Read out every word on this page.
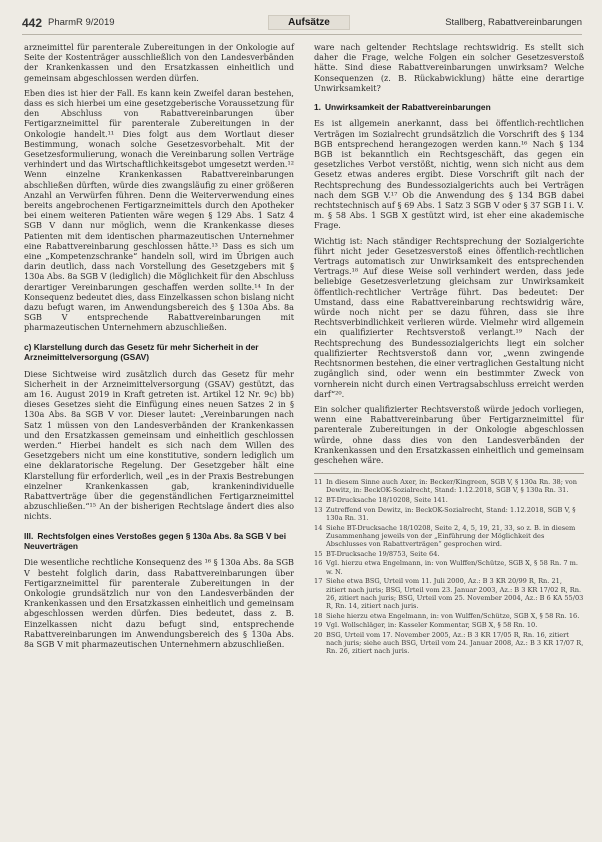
442 PharmR 9/2019	Aufsätze	Stallberg, Rabattvereinbarungen

arzneimittel für parenterale Zubereitungen in der Onkologie auf Seite der Kostenträger ausschließlich von den Landesverbänden der Krankenkassen und den Ersatzkassen einheitlich und gemeinsam abgeschlossen werden dürfen.

Eben dies ist hier der Fall. Es kann kein Zweifel daran bestehen, dass es sich hierbei um eine gesetzgeberische Voraussetzung für den Abschluss von Rabattvereinbarungen über Fertigarzneimittel für parenterale Zubereitungen in der Onkologie handelt.¹¹ Dies folgt aus dem Wortlaut dieser Bestimmung, wonach solche Gesetzesvorbehalt. Mit der Gesetzesformulierung, wonach die Vereinbarung sollen Verträge verhindert und das Wirtschaftlichkeitsgebot umgesetzt werden.¹² Wenn einzelne Krankenkassen Rabattvereinbarungen abschließen dürften, würde dies zwangsläufig zu einer größeren Anzahl an Verwürfen führen. Denn die Weiterverwendung eines bereits angebrochenen Fertigarzneimittels durch den Apotheker bei einem weiteren Patienten wäre wegen § 129 Abs. 1 Satz 4 SGB V dann nur möglich, wenn die Krankenkasse dieses Patienten mit dem identischen pharmazeutischen Unternehmer eine Rabattvereinbarung geschlossen hätte.¹³ Dass es sich um eine „Kompetenzschranke“ handeln soll, wird im Übrigen auch darin deutlich, dass nach Vorstellung des Gesetzgebers mit § 130a Abs. 8a SGB V (lediglich) die Möglichkeit für den Abschluss derartiger Vereinbarungen geschaffen werden sollte.¹⁴ In der Konsequenz bedeutet dies, dass Einzelkassen schon bislang nicht dazu befugt waren, im Anwendungsbereich des § 130a Abs. 8a SGB V entsprechende Rabattvereinbarungen mit pharmazeutischen Unternehmern abzuschließen.

c) Klarstellung durch das Gesetz für mehr Sicherheit in der Arzneimittelversorgung (GSAV)

Diese Sichtweise wird zusätzlich durch das Gesetz für mehr Sicherheit in der Arzneimittelversorgung (GSAV) gestützt, das am 16. August 2019 in Kraft getreten ist. Artikel 12 Nr. 9c) bb) dieses Gesetzes sieht die Einfügung eines neuen Satzes 2 in § 130a Abs. 8a SGB V vor. Dieser lautet: „Vereinbarungen nach Satz 1 müssen von den Landesverbänden der Krankenkassen und den Ersatzkassen gemeinsam und einheitlich geschlossen werden.“ Hierbei handelt es sich nach dem Willen des Gesetzgebers nicht um eine konstitutive, sondern lediglich um eine deklaratorische Regelung. Der Gesetzgeber hält eine Klarstellung für erforderlich, weil „es in der Praxis Bestrebungen einzelner Krankenkassen gab, krankenindividuelle Rabattverträge über die gegenständlichen Fertigarzneimittel abzuschließen.“¹⁵ An der bisherigen Rechtslage ändert dies also nichts.

III. Rechtsfolgen eines Verstoßes gegen § 130a Abs. 8a SGB V bei Neuverträgen

Die wesentliche rechtliche Konsequenz des ¹⁶ § 130a Abs. 8a SGB V besteht folglich darin, dass Rabattvereinbarungen über Fertigarzneimittel für parenterale Zubereitungen in der Onkologie grundsätzlich nur von den Landesverbänden der Krankenkassen und den Ersatzkassen einheitlich und gemeinsam abgeschlossen werden dürfen. Dies bedeutet, dass z. B. Einzelkassen nicht dazu befugt sind, entsprechende Rabattvereinbarungen im Anwendungsbereich des § 130a Abs. 8a SGB V mit pharmazeutischen Unternehmern abzuschließen.

ware nach geltender Rechtslage rechtswidrig. Es stellt sich daher die Frage, welche Folgen ein solcher Gesetzesverstoß hätte. Sind diese Rabattvereinbarungen unwirksam? Welche Konsequenzen (z. B. Rückabwicklung) hätte eine derartige Unwirksamkeit?

1. Unwirksamkeit der Rabattvereinbarungen

Es ist allgemein anerkannt, dass bei öffentlich-rechtlichen Verträgen im Sozialrecht grundsätzlich die Vorschrift des § 134 BGB entsprechend herangezogen werden kann.¹⁶ Nach § 134 BGB ist bekanntlich ein Rechtsgeschäft, das gegen ein gesetzliches Verbot verstößt, nichtig, wenn sich nicht aus dem Gesetz etwas anderes ergibt. Diese Vorschrift gilt nach der Rechtsprechung des Bundessozialgerichts auch bei Verträgen nach dem SGB V.¹⁷ Ob die Anwendung des § 134 BGB dabei rechtstechnisch auf § 69 Abs. 1 Satz 3 SGB V oder § 37 SGB I i. V. m. § 58 Abs. 1 SGB X gestützt wird, ist eher eine akademische Frage.

Wichtig ist: Nach ständiger Rechtsprechung der Sozialgerichte führt nicht jeder Gesetzesverstoß eines öffentlich-rechtlichen Vertrags automatisch zur Unwirksamkeit des entsprechenden Vertrags.¹⁸ Auf diese Weise soll verhindert werden, dass jede beliebige Gesetzesverletzung gleichsam zur Unwirksamkeit öffentlich-rechtlicher Verträge führt. Das bedeutet: Der Umstand, dass eine Rabattvereinbarung rechtswidrig wäre, würde noch nicht per se dazu führen, dass sie ihre Rechtsverbindlichkeit verlieren würde. Vielmehr wird allgemein ein qualifizierter Rechtsverstoß verlangt.¹⁹ Nach der Rechtsprechung des Bundessozialgerichts liegt ein solcher qualifizierter Rechtsverstoß dann vor, „wenn zwingende Rechtsnormen bestehen, die einer vertraglichen Gestaltung nicht zugänglich sind, oder wenn ein bestimmter Zweck von vornherein nicht durch einen Vertragsabschluss erreicht werden darf“²⁰.

Ein solcher qualifizierter Rechtsverstoß würde jedoch vorliegen, wenn eine Rabattvereinbarung über Fertigarzneimittel für parenterale Zubereitungen in der Onkologie abgeschlossen würde, ohne dass dies von den Landesverbänden der Krankenkassen und den Ersatzkassen einheitlich und gemeinsam geschehen wäre.

11 In diesem Sinne auch Axer, in: Becker/Kingreen, SGB V, § 130a Rn. 38; von Dewitz, in: BeckOK-Sozialrecht, Stand: 1.12.2018, SGB V, § 130a Rn. 31.
12 BT-Drucksache 18/10208, Seite 141.
13 Zutreffend von Dewitz, in: BeckOK-Sozialrecht, Stand: 1.12.2018, SGB V, § 130a Rn. 31.
14 Siehe BT-Drucksache 18/10208, Seite 2, 4, 5, 19, 21, 33, so z. B. in diesem Zusammenhang jeweils von der „Einführung der Möglichkeit des Abschlusses von Rabattverträgen“ gesprochen wird.
15 BT-Drucksache 19/8753, Seite 64.
16 Vgl. hierzu etwa Engelmann, in: von Wulffen/Schütze, SGB X, § 58 Rn. 7 m. w. N.
17 Siehe etwa BSG, Urteil vom 11. Juli 2000, Az.: B 3 KR 20/99 R, Rn. 21, zitiert nach juris; BSG, Urteil vom 23. Januar 2003, Az.: B 3 KR 17/02 R, Rn. 26, zitiert nach juris; BSG, Urteil vom 25. November 2004, Az.: B 6 KA 55/03 R, Rn. 14, zitiert nach juris.
18 Siehe hierzu etwa Engelmann, in: von Wulffen/Schütze, SGB X, § 58 Rn. 16.
19 Vgl. Wollschläger, in: Kasseler Kommentar, SGB X, § 58 Rn. 10.
20 BSG, Urteil vom 17. November 2005, Az.: B 3 KR 17/05 R, Rn. 16, zitiert nach juris; siehe auch BSG, Urteil vom 24. Januar 2008, Az.: B 3 KR 17/07 R, Rn. 26, zitiert nach juris.
